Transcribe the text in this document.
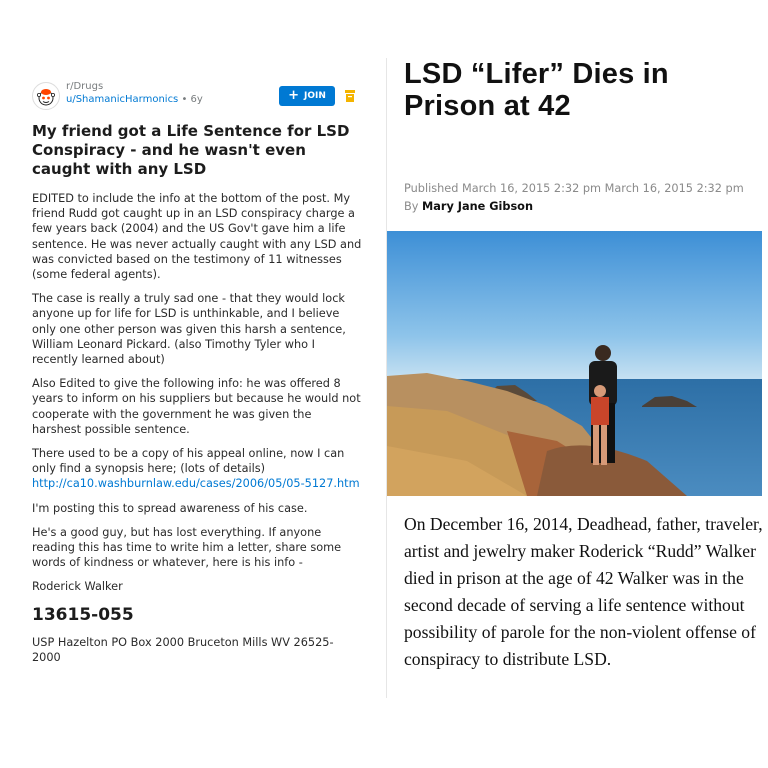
r/Drugs
u/ShamanicHarmonics • 6y	+ JOIN
My friend got a Life Sentence for LSD Conspiracy - and he wasn't even caught with any LSD

EDITED to include the info at the bottom of the post. My friend Rudd got caught up in an LSD conspiracy charge a few years back (2004) and the US Gov't gave him a life sentence. He was never actually caught with any LSD and was convicted based on the testimony of 11 witnesses (some federal agents).

The case is really a truly sad one - that they would lock anyone up for life for LSD is unthinkable, and I believe only one other person was given this harsh a sentence, William Leonard Pickard. (also Timothy Tyler who I recently learned about)

Also Edited to give the following info: he was offered 8 years to inform on his suppliers but because he would not cooperate with the government he was given the harshest possible sentence.

There used to be a copy of his appeal online, now I can only find a synopsis here; (lots of details) http://ca10.washburnlaw.edu/cases/2006/05/05-5127.htm

I'm posting this to spread awareness of his case.

He's a good guy, but has lost everything. If anyone reading this has time to write him a letter, share some words of kindness or whatever, here is his info -

Roderick Walker

13615-055

USP Hazelton PO Box 2000 Bruceton Mills WV 26525-2000

LSD “Lifer” Dies in Prison at 42
Published March 16, 2015 2:32 pm March 16, 2015 2:32 pm
By Mary Jane Gibson

On December 16, 2014, Deadhead, father, traveler, artist and jewelry maker Roderick “Rudd” Walker died in prison at the age of 42 Walker was in the second decade of serving a life sentence without possibility of parole for the non-violent offense of conspiracy to distribute LSD.
